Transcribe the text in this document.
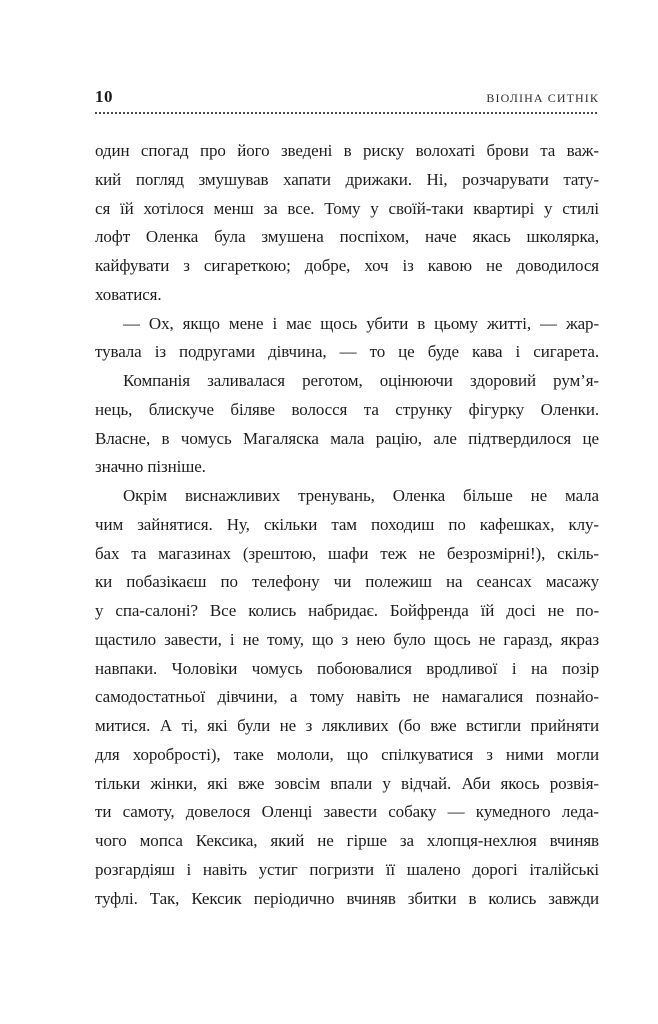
10	ВІОЛІНА СИТНІК
один спогад про його зведені в риску волохаті брови та важ-
кий погляд змушував хапати дрижаки. Ні, розчарувати тату-
ся їй хотілося менш за все. Тому у своїй-таки квартирі у стилі
лофт Оленка була змушена поспіхом, наче якась школярка,
кайфувати з сигареткою; добре, хоч із кавою не доводилося
ховатися.
— Ох, якщо мене і має щось убити в цьому житті, — жар-
тувала із подругами дівчина, — то це буде кава і сигарета.
Компанія заливалася реготом, оцінюючи здоровий рум’я-
нець, блискуче біляве волосся та струнку фігурку Оленки.
Власне, в чомусь Магаляска мала рацію, але підтвердилося це
значно пізніше.
Окрім виснажливих тренувань, Оленка більше не мала
чим зайнятися. Ну, скільки там походиш по кафешках, клу-
бах та магазинах (зрештою, шафи теж не безрозмірні!), скіль-
ки побазікаєш по телефону чи полежиш на сеансах масажу
у спа-салоні? Все колись набридає. Бойфренда їй досі не по-
щастило завести, і не тому, що з нею було щось не гаразд, якраз
навпаки. Чоловіки чомусь побоювалися вродливої і на позір
самодостатньої дівчини, а тому навіть не намагалися познайо-
митися. А ті, які були не з лякливих (бо вже встигли прийняти
для хоробрості), таке мололи, що спілкуватися з ними могли
тільки жінки, які вже зовсім впали у відчай. Аби якось розвія-
ти самоту, довелося Оленці завести собаку — кумедного леда-
чого мопса Кексика, який не гірше за хлопця-нехлюя вчиняв
розгардіяш і навіть устиг погризти її шалено дорогі італійські
туфлі. Так, Кексик періодично вчиняв збитки в колись завжди
